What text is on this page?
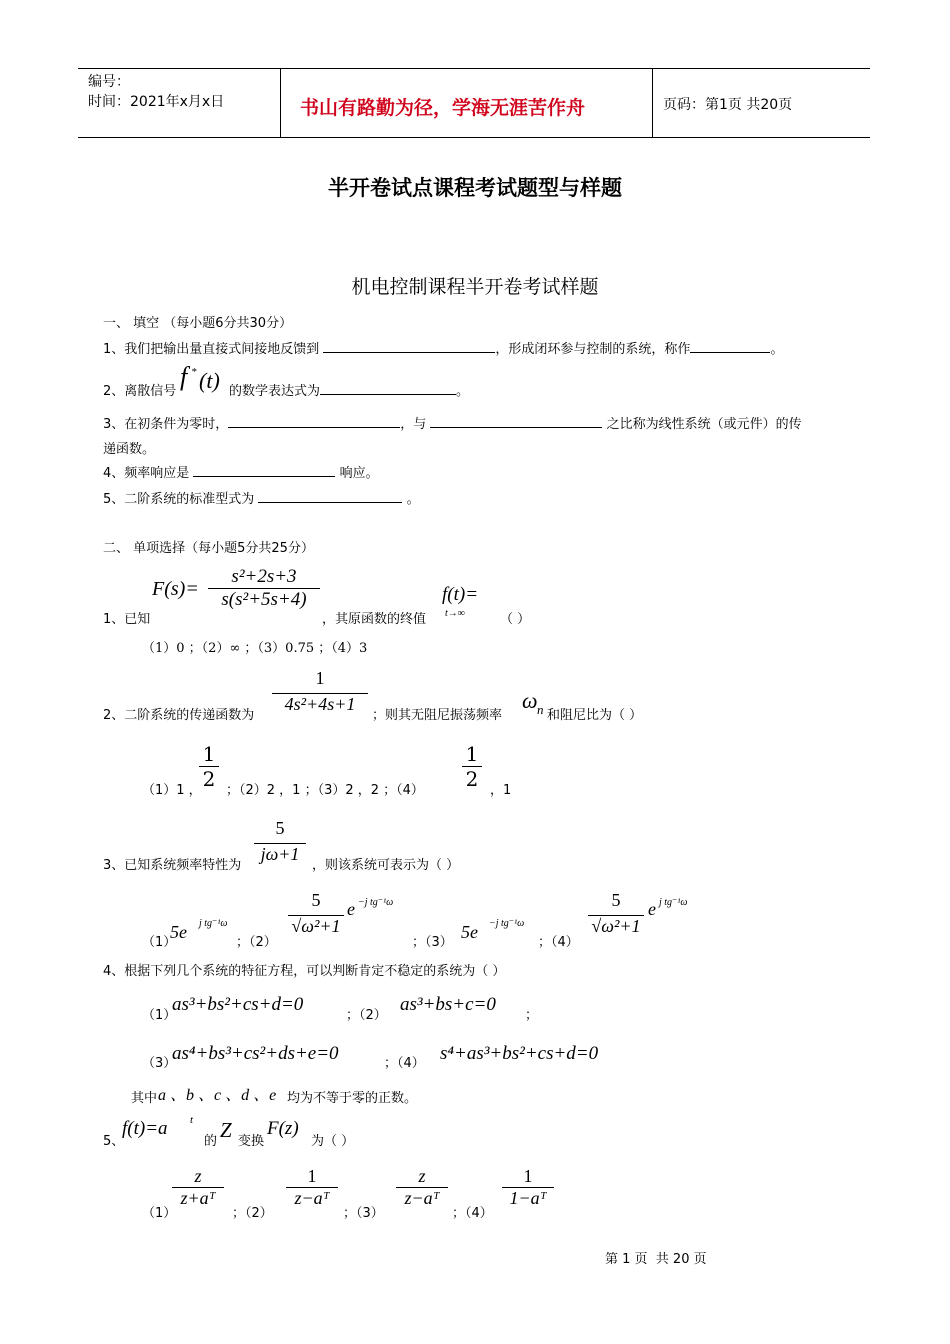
编号：
时间：2021年x月x日	书山有路勤为径，学海无涯苦作舟	页码：第1页 共20页
半开卷试点课程考试题型与样题
机电控制课程半开卷考试样题
一、 填空 （每小题6分共30分）
1、我们把输出量直接式间接地反馈到	，形成闭环参与控制的系统，称作	。
2、离散信号
f * (t) 的数学表达式为	。
3、在初条件为零时，	，与	之比称为线性系统（或元件）的传
递函数。
4、频率响应是	响应。
5、二阶系统的标准型式为	。
二、 单项选择（每小题5分共25分）
$F(s)= \frac{\text{s²+2s+3}}{\text{s(s²+5s+4)}}$
1、已知	，其原函数的终值
f(t)=
t→∞	（ ）
（1）0 ；（2）∞ ；（3）0.75 ；（4）3
$\frac{1}{\text{4s²+4s+1}}$
2、二阶系统的传递函数为	；则其无阻尼振荡频率
ω n 和阻尼比为（ ）
（1）1 ，
$\frac{1}{2}$ ；（2）2 ，1 ；（3）2 ，2 ；$(4) \frac{1}{2}$ ，1
$\frac{5}{j\omega+1}$
3、已知系统频率特性为	，则该系统可表示为（ ）
（1）
5e j tg⁻¹ω
；（2）
$\frac{5}{\text{√ω²+1}}$ e −j tg⁻¹ω
；（3）
5e −j tg⁻¹ω
；（4）
$\frac{5}{\text{√ω²+1}}$ e j tg⁻¹ω
4、根据下列几个系统的特征方程，可以判断肯定不稳定的系统为（ ）
（1）
as³+bs²+cs+d=0
；（2）
as³+bs+c=0
；
（3）
as⁴+bs³+cs²+ds+e=0	；（4） s⁴+as³+bs²+cs+d=0
其中 a 、b 、c 、d 、e 均为不等于零的正数。
5、
f(t)=a t
的 Z 变换
F(z)
为（ ）
（1）
$\frac{z}{\text{z+aᵀ}}$
；（2）
$\frac{1}{\text{z−aᵀ}}$
；（3）
$\frac{z}{\text{z−aᵀ}}$
；（4）
$\frac{1}{\text{1−aᵀ}}$
第 1 页  共 20 页
